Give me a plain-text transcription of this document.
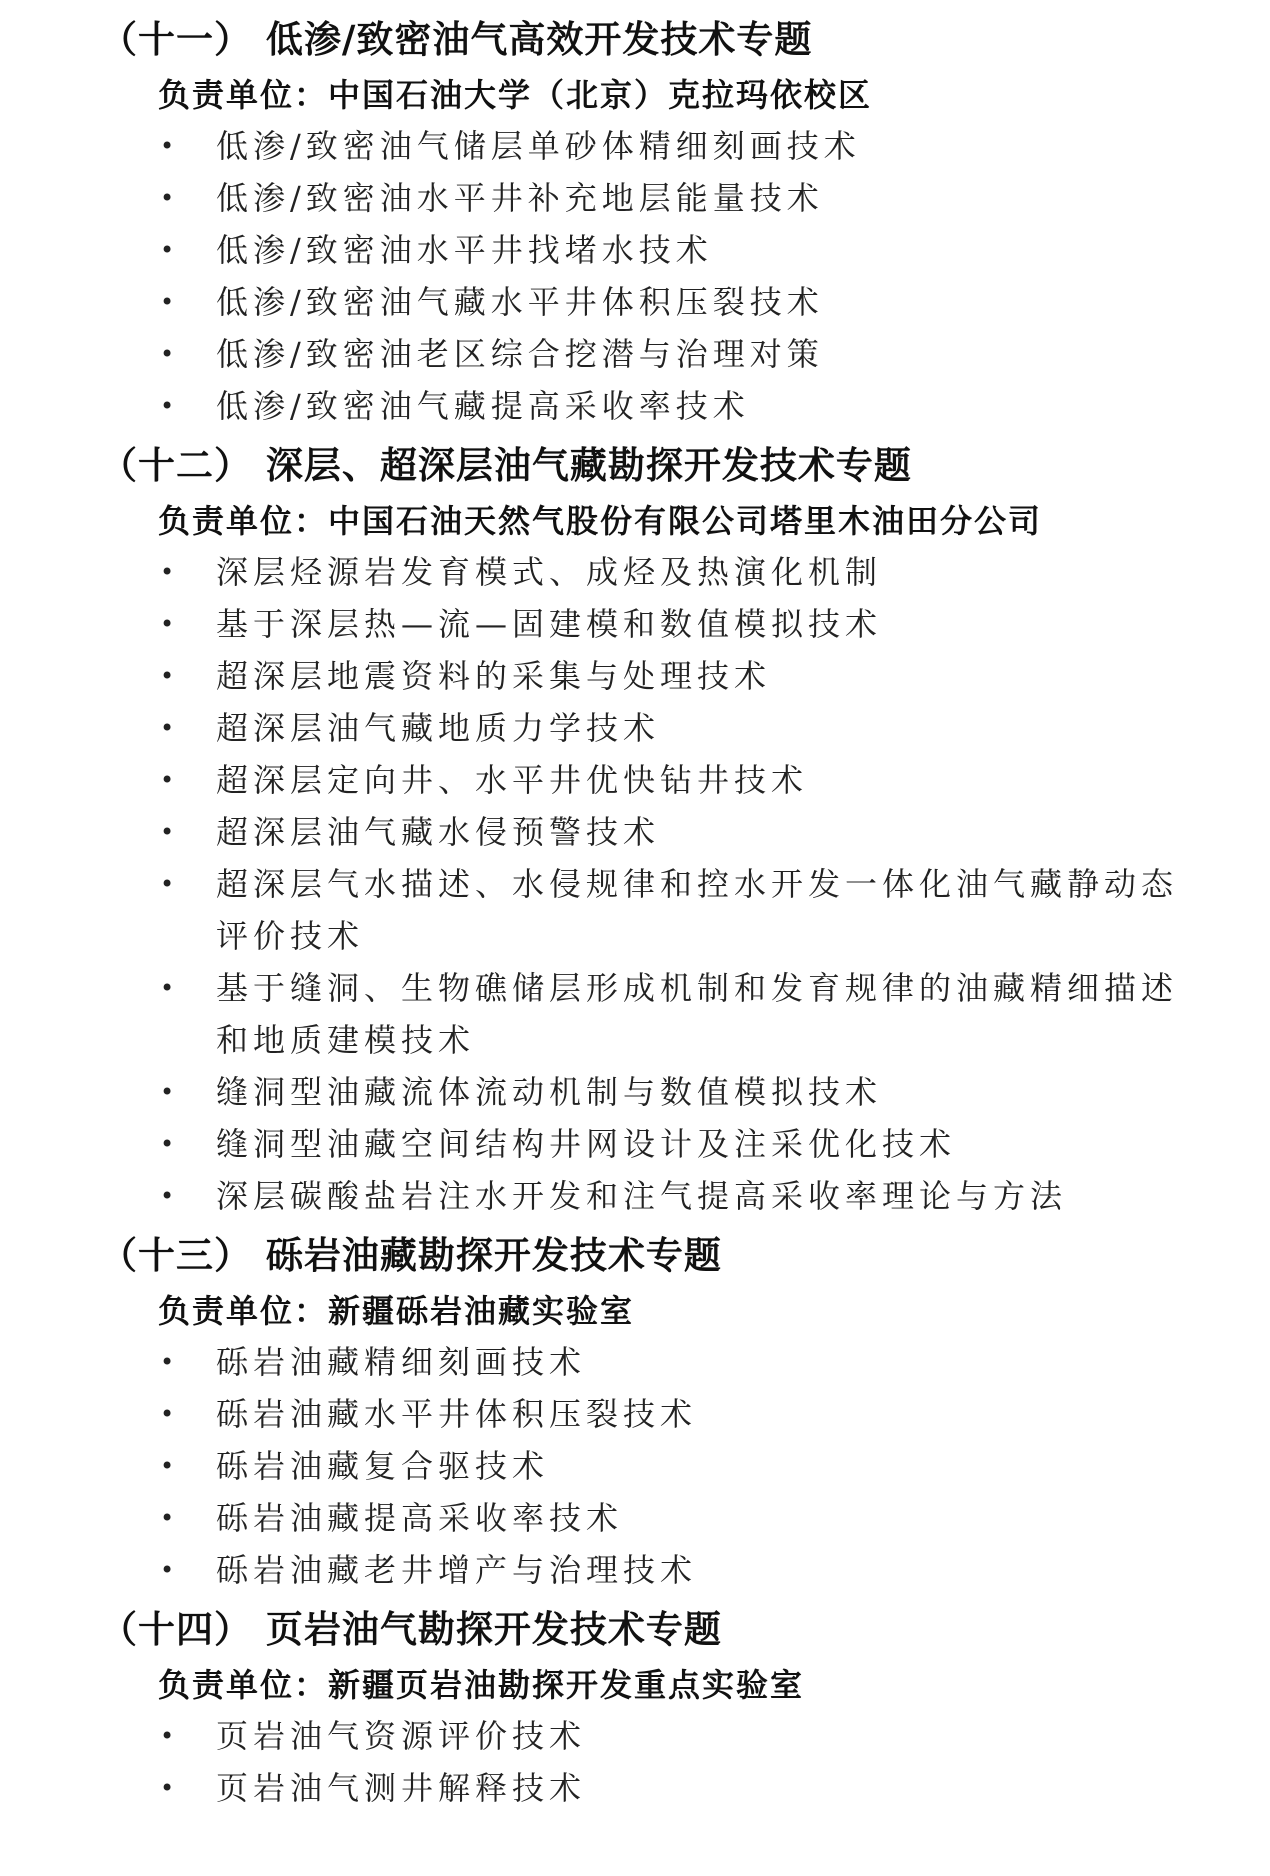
（十一） 低渗/致密油气高效开发技术专题
负责单位：中国石油大学（北京）克拉玛依校区
• 低渗/致密油气储层单砂体精细刻画技术
• 低渗/致密油水平井补充地层能量技术
• 低渗/致密油水平井找堵水技术
• 低渗/致密油气藏水平井体积压裂技术
• 低渗/致密油老区综合挖潜与治理对策
• 低渗/致密油气藏提高采收率技术
（十二） 深层、超深层油气藏勘探开发技术专题
负责单位：中国石油天然气股份有限公司塔里木油田分公司
• 深层烃源岩发育模式、成烃及热演化机制
• 基于深层热—流—固建模和数值模拟技术
• 超深层地震资料的采集与处理技术
• 超深层油气藏地质力学技术
• 超深层定向井、水平井优快钻井技术
• 超深层油气藏水侵预警技术
• 超深层气水描述、水侵规律和控水开发一体化油气藏静动态评价技术
• 基于缝洞、生物礁储层形成机制和发育规律的油藏精细描述和地质建模技术
• 缝洞型油藏流体流动机制与数值模拟技术
• 缝洞型油藏空间结构井网设计及注采优化技术
• 深层碳酸盐岩注水开发和注气提高采收率理论与方法
（十三） 砾岩油藏勘探开发技术专题
负责单位：新疆砾岩油藏实验室
• 砾岩油藏精细刻画技术
• 砾岩油藏水平井体积压裂技术
• 砾岩油藏复合驱技术
• 砾岩油藏提高采收率技术
• 砾岩油藏老井增产与治理技术
（十四） 页岩油气勘探开发技术专题
负责单位：新疆页岩油勘探开发重点实验室
• 页岩油气资源评价技术
• 页岩油气测井解释技术
